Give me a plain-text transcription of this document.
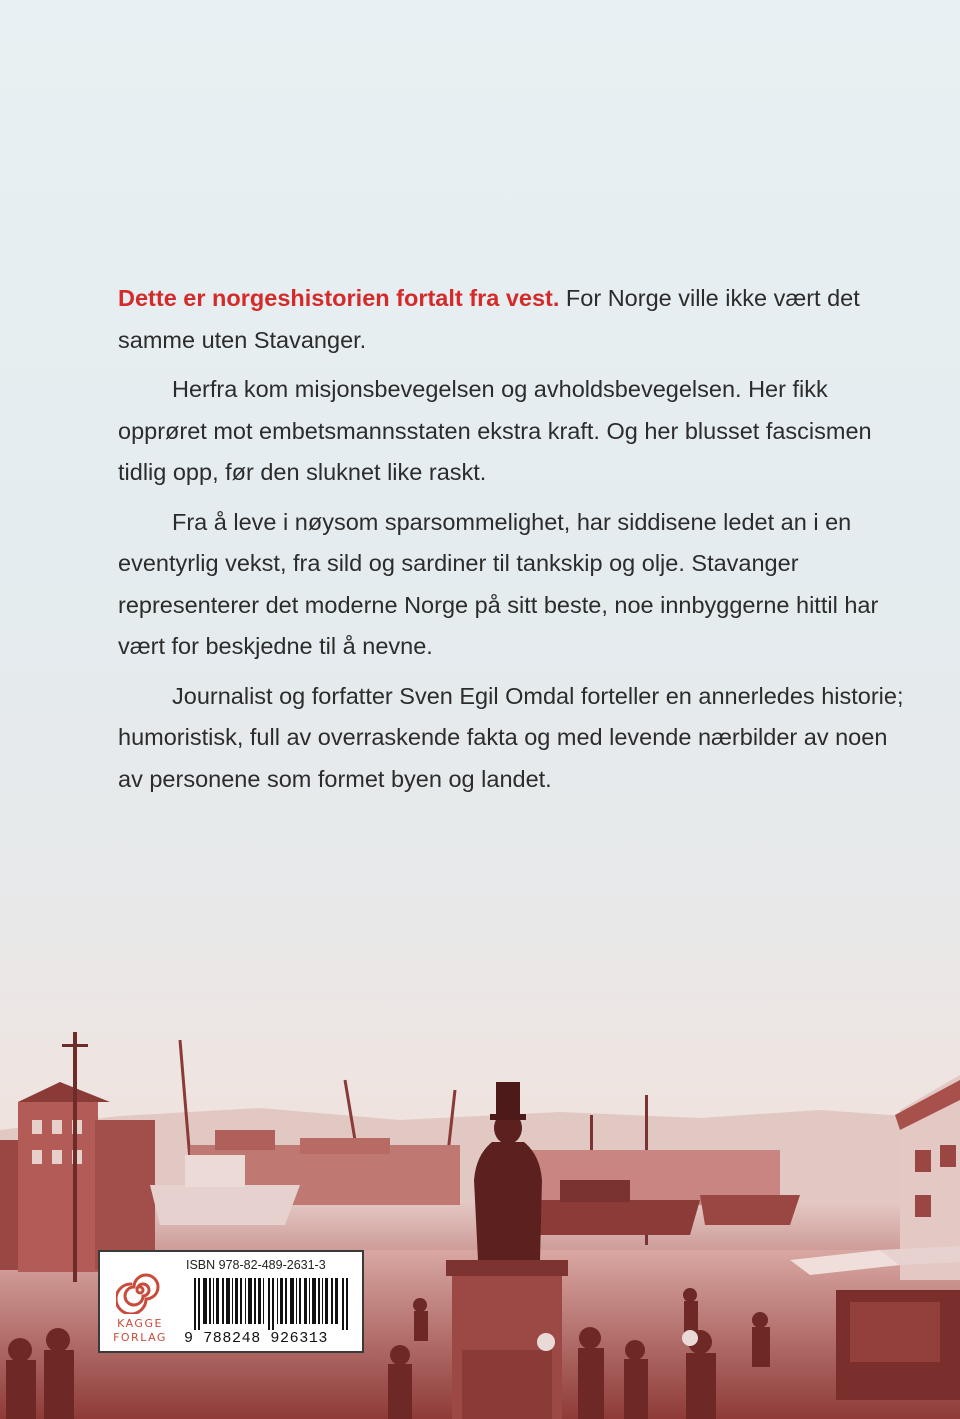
Dette er norgeshistorien fortalt fra vest. For Norge ville ikke vært det samme uten Stavanger.

Herfra kom misjonsbevegelsen og avholdsbevegelsen. Her fikk opprøret mot embetsmannsstaten ekstra kraft. Og her blusset fascismen tidlig opp, før den sluknet like raskt.

Fra å leve i nøysom sparsommelighet, har siddisene ledet an i en eventyrlig vekst, fra sild og sardiner til tankskip og olje. Stavanger representerer det moderne Norge på sitt beste, noe innbyggerne hittil har vært for beskjedne til å nevne.

Journalist og forfatter Sven Egil Omdal forteller en annerledes historie; humoristisk, full av overraskende fakta og med levende nærbilder av noen av personene som formet byen og landet.

KAGGE
FORLAG
ISBN 978-82-489-2631-3
9 788248 926313
